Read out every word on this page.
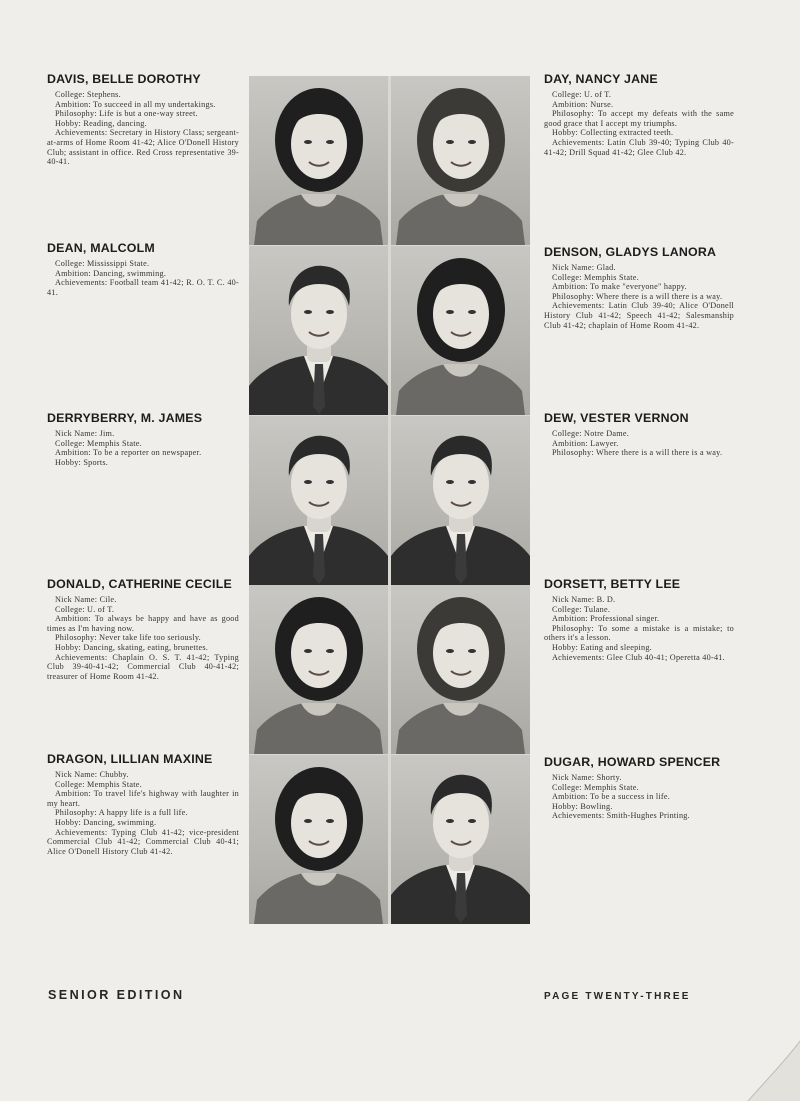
DAVIS, BELLE DOROTHY
College: Stephens.
Ambition: To succeed in all my undertakings.
Philosophy: Life is but a one-way street.
Hobby: Reading, dancing.
Achievements: Secretary in History Class; sergeant-at-arms of Home Room 41-42; Alice O'Donell History Club; assistant in office. Red Cross representative 39-40-41.
DEAN, MALCOLM
College: Mississippi State.
Ambition: Dancing, swimming.
Achievements: Football team 41-42; R. O. T. C. 40-41.
DERRYBERRY, M. JAMES
Nick Name: Jim.
College: Memphis State.
Ambition: To be a reporter on newspaper.
Hobby: Sports.
DONALD, CATHERINE CECILE
Nick Name: Cile.
College: U. of T.
Ambition: To always be happy and have as good times as I'm having now.
Philosophy: Never take life too seriously.
Hobby: Dancing, skating, eating, brunettes.
Achievements: Chaplain O. S. T. 41-42; Typing Club 39-40-41-42; Commercial Club 40-41-42; treasurer of Home Room 41-42.
DRAGON, LILLIAN MAXINE
Nick Name: Chubby.
College: Memphis State.
Ambition: To travel life's highway with laughter in my heart.
Philosophy: A happy life is a full life.
Hobby: Dancing, swimming.
Achievements: Typing Club 41-42; vice-president Commercial Club 41-42; Commercial Club 40-41; Alice O'Donell History Club 41-42.
DAY, NANCY JANE
College: U. of T.
Ambition: Nurse.
Philosophy: To accept my defeats with the same good grace that I accept my triumphs.
Hobby: Collecting extracted teeth.
Achievements: Latin Club 39-40; Typing Club 40-41-42; Drill Squad 41-42; Glee Club 42.
DENSON, GLADYS LANORA
Nick Name: Glad.
College: Memphis State.
Ambition: To make "everyone" happy.
Philosophy: Where there is a will there is a way.
Achievements: Latin Club 39-40; Alice O'Donell History Club 41-42; Speech 41-42; Salesmanship Club 41-42; chaplain of Home Room 41-42.
DEW, VESTER VERNON
College: Notre Dame.
Ambition: Lawyer.
Philosophy: Where there is a will there is a way.
DORSETT, BETTY LEE
Nick Name: B. D.
College: Tulane.
Ambition: Professional singer.
Philosophy: To some a mistake is a mistake; to others it's a lesson.
Hobby: Eating and sleeping.
Achievements: Glee Club 40-41; Operetta 40-41.
DUGAR, HOWARD SPENCER
Nick Name: Shorty.
College: Memphis State.
Ambition: To be a success in life.
Hobby: Bowling.
Achievements: Smith-Hughes Printing.
SENIOR EDITION	PAGE TWENTY-THREE
